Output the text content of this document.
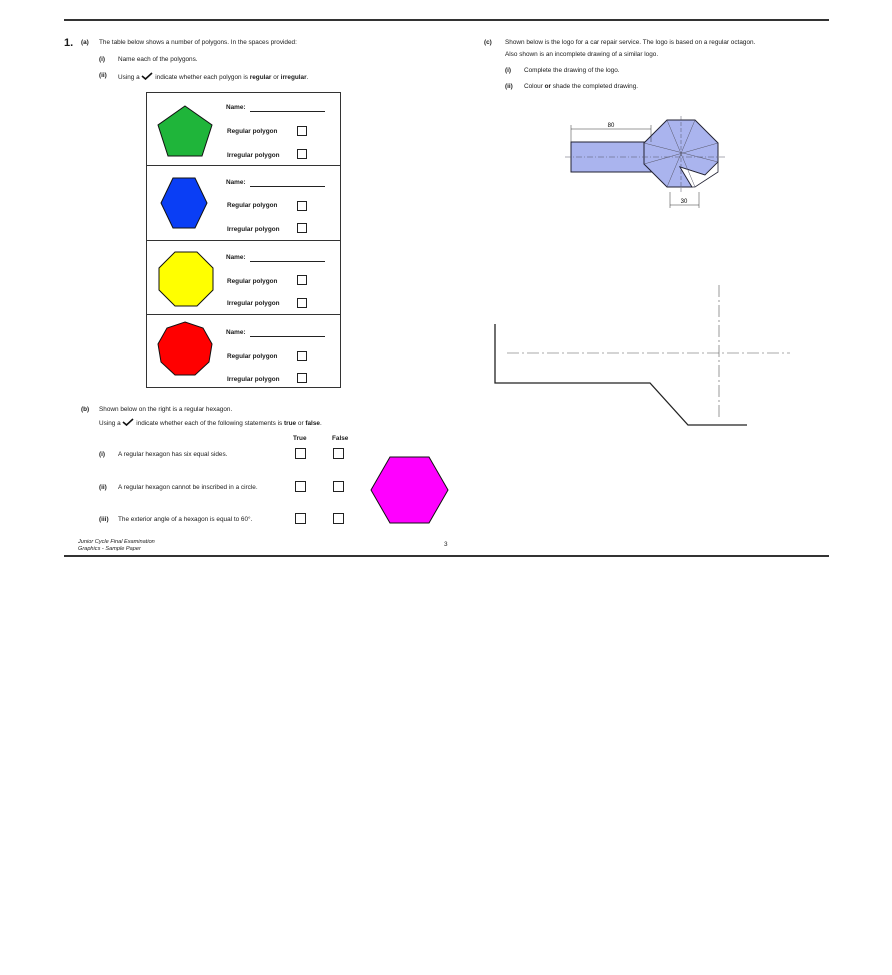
1. (a) The table below shows a number of polygons. In the spaces provided:
(i) Name each of the polygons.
(ii) Using a indicate whether each polygon is regular or irregular.
Name:
Regular polygon
Irregular polygon
Name:
Regular polygon
Irregular polygon
Name:
Regular polygon
Irregular polygon
Name:
Regular polygon
Irregular polygon
(b) Shown below on the right is a regular hexagon.
Using a indicate whether each of the following statements is true or false.
True	False
(i) A regular hexagon has six equal sides.
(ii) A regular hexagon cannot be inscribed in a circle.
(iii) The exterior angle of a hexagon is equal to 60°.
Junior Cycle Final Examination
Graphics - Sample Paper
3
(c) Shown below is the logo for a car repair service. The logo is based on a regular octagon.
Also shown is an incomplete drawing of a similar logo.
(i) Complete the drawing of the logo.
(ii) Colour or shade the completed drawing.
80
30
